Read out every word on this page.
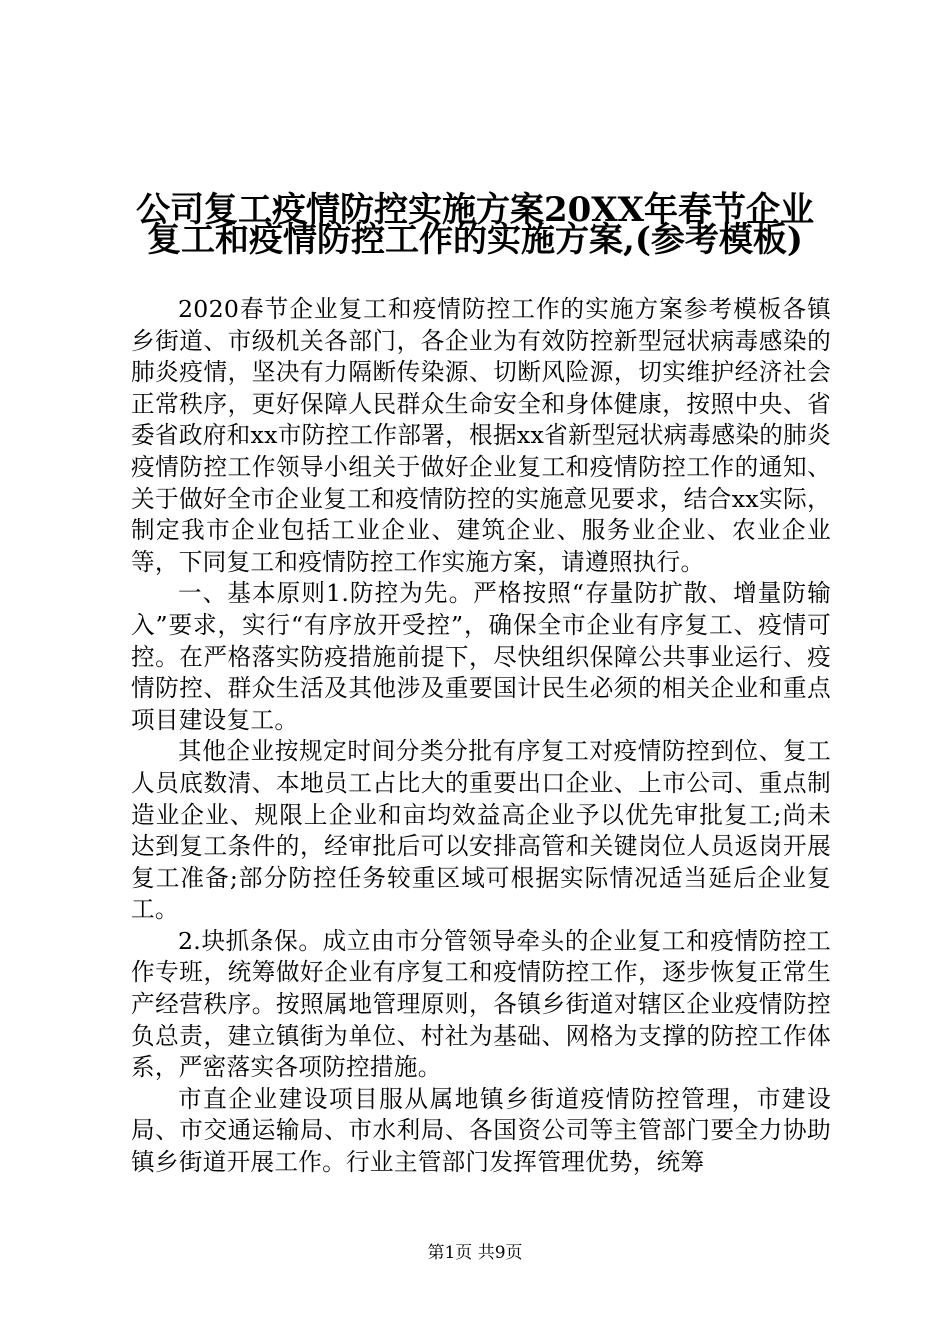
公司复工疫情防控实施方案20XX年春节企业
复工和疫情防控工作的实施方案,(参考模板)

2020春节企业复工和疫情防控工作的实施方案参考模板各镇乡街道、市级机关各部门，各企业为有效防控新型冠状病毒感染的肺炎疫情，坚决有力隔断传染源、切断风险源，切实维护经济社会正常秩序，更好保障人民群众生命安全和身体健康，按照中央、省委省政府和xx市防控工作部署，根据xx省新型冠状病毒感染的肺炎疫情防控工作领导小组关于做好企业复工和疫情防控工作的通知、关于做好全市企业复工和疫情防控的实施意见要求，结合xx实际，制定我市企业包括工业企业、建筑企业、服务业企业、农业企业等，下同复工和疫情防控工作实施方案，请遵照执行。

一、基本原则1.防控为先。严格按照“存量防扩散、增量防输入”要求，实行“有序放开受控”，确保全市企业有序复工、疫情可控。在严格落实防疫措施前提下，尽快组织保障公共事业运行、疫情防控、群众生活及其他涉及重要国计民生必须的相关企业和重点项目建设复工。

其他企业按规定时间分类分批有序复工对疫情防控到位、复工人员底数清、本地员工占比大的重要出口企业、上市公司、重点制造业企业、规限上企业和亩均效益高企业予以优先审批复工;尚未达到复工条件的，经审批后可以安排高管和关键岗位人员返岗开展复工准备;部分防控任务较重区域可根据实际情况适当延后企业复工。

2.块抓条保。成立由市分管领导牵头的企业复工和疫情防控工作专班，统筹做好企业有序复工和疫情防控工作，逐步恢复正常生产经营秩序。按照属地管理原则，各镇乡街道对辖区企业疫情防控负总责，建立镇街为单位、村社为基础、网格为支撑的防控工作体系，严密落实各项防控措施。

市直企业建设项目服从属地镇乡街道疫情防控管理，市建设局、市交通运输局、市水利局、各国资公司等主管部门要全力协助镇乡街道开展工作。行业主管部门发挥管理优势，统筹

第1页 共9页
